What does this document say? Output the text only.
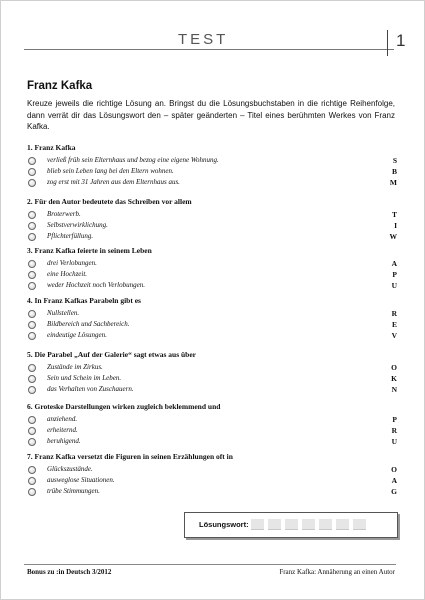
TEST	1
Franz Kafka
Kreuze jeweils die richtige Lösung an. Bringst du die Lösungsbuchstaben in die richtige Reihenfolge, dann verrät dir das Lösungswort den – später geänderten – Titel eines berühmten Werkes von Franz Kafka.
1. Franz Kafka
verließ früh sein Elternhaus und bezog eine eigene Wohnung.	S
blieb sein Leben lang bei den Eltern wohnen.	B
zog erst mit 31 Jahren aus dem Elternhaus aus.	M
2. Für den Autor bedeutete das Schreiben vor allem
Broterwerb.	T
Selbstverwirklichung.	I
Pflichterfüllung.	W
3. Franz Kafka feierte in seinem Leben
drei Verlobungen.	A
eine Hochzeit.	P
weder Hochzeit noch Verlobungen.	U
4. In Franz Kafkas Parabeln gibt es
Nullstellen.	R
Bildbereich und Sachbereich.	E
eindeutige Lösungen.	V
5. Die Parabel „Auf der Galerie“ sagt etwas aus über
Zustände im Zirkus.	O
Sein und Schein im Leben.	K
das Verhalten von Zuschauern.	N
6. Groteske Darstellungen wirken zugleich beklemmend und
anziehend.	P
erheiternd.	R
beruhigend.	U
7. Franz Kafka versetzt die Figuren in seinen Erzählungen oft in
Glückszustände.	O
ausweglose Situationen.	A
trübe Stimmungen.	G
Lösungswort:
Bonus zu :in Deutsch 3/2012	Franz Kafka: Annäherung an einen Autor
